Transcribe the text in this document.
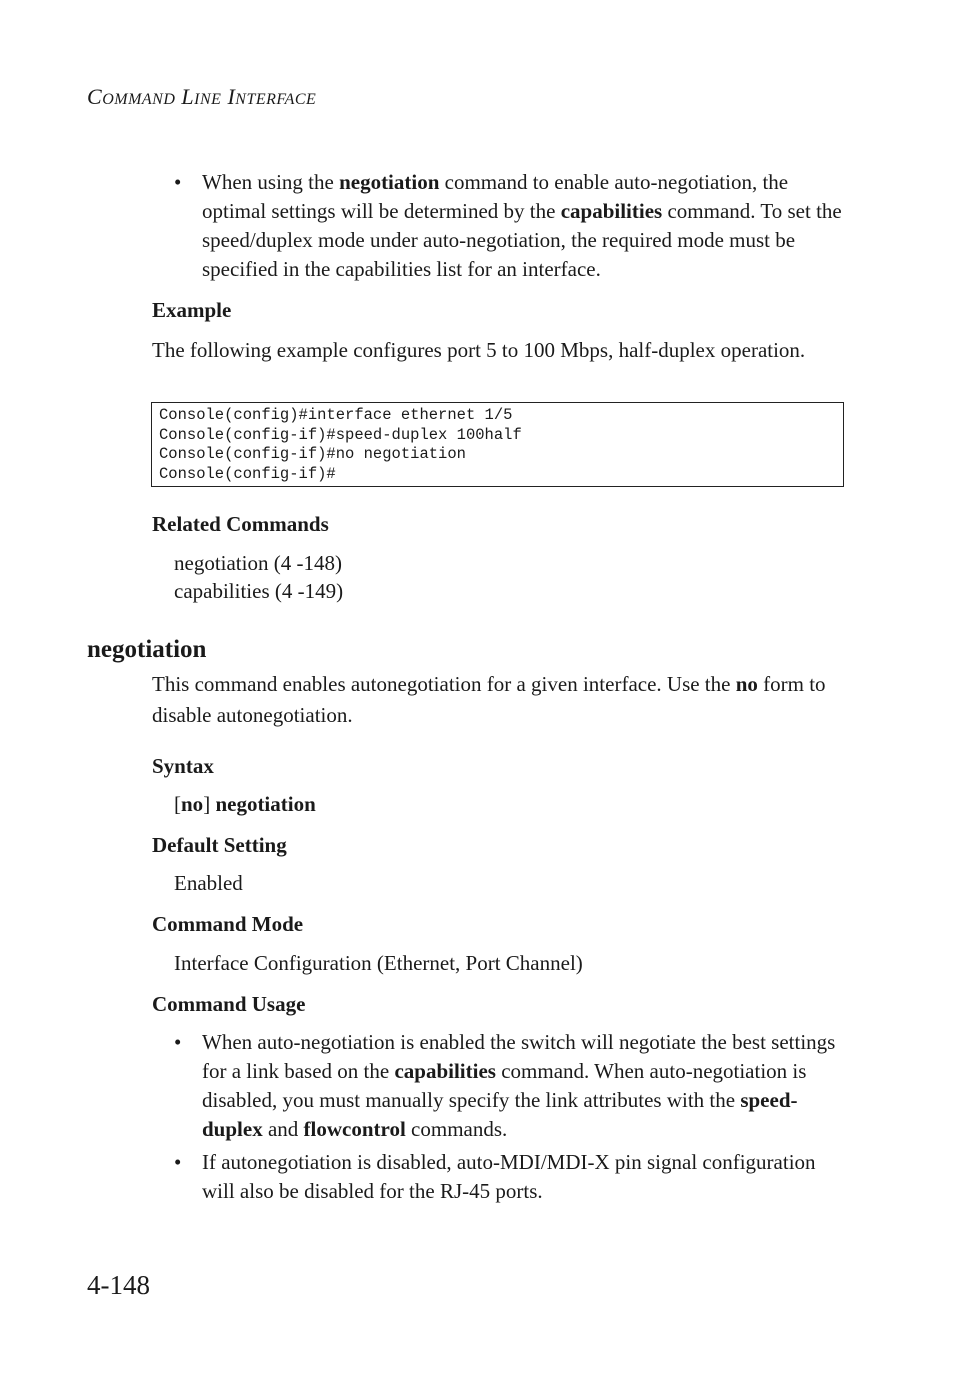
COMMAND LINE INTERFACE
• When using the negotiation command to enable auto-negotiation, the optimal settings will be determined by the capabilities command. To set the speed/duplex mode under auto-negotiation, the required mode must be specified in the capabilities list for an interface.
Example
The following example configures port 5 to 100 Mbps, half-duplex operation.
Console(config)#interface ethernet 1/5
Console(config-if)#speed-duplex 100half
Console(config-if)#no negotiation
Console(config-if)#
Related Commands
negotiation (4 -148)
capabilities (4 -149)
negotiation
This command enables autonegotiation for a given interface. Use the no form to disable autonegotiation.
Syntax
[no] negotiation
Default Setting
Enabled
Command Mode
Interface Configuration (Ethernet, Port Channel)
Command Usage
• When auto-negotiation is enabled the switch will negotiate the best settings for a link based on the capabilities command. When auto-negotiation is disabled, you must manually specify the link attributes with the speed-duplex and flowcontrol commands.
• If autonegotiation is disabled, auto-MDI/MDI-X pin signal configuration will also be disabled for the RJ-45 ports.
4-148
